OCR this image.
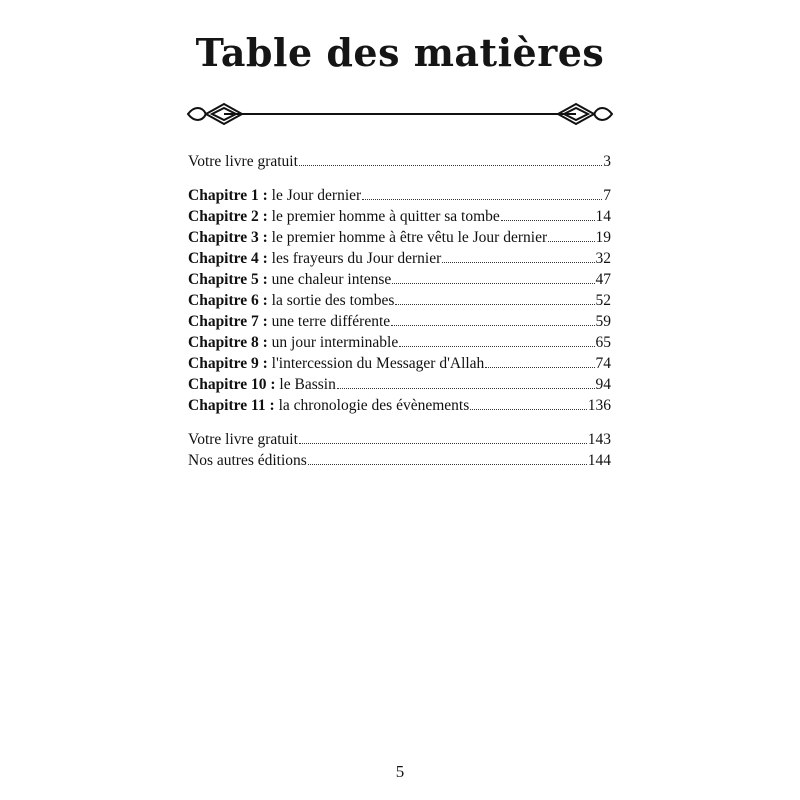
Table des matières
Votre livre gratuit	3
Chapitre 1 : le Jour dernier	7
Chapitre 2 : le premier homme à quitter sa tombe	14
Chapitre 3 : le premier homme à être vêtu le Jour dernier	19
Chapitre 4 : les frayeurs du Jour dernier	32
Chapitre 5 : une chaleur intense	47
Chapitre 6 : la sortie des tombes	52
Chapitre 7 : une terre différente	59
Chapitre 8 : un jour interminable	65
Chapitre 9 : l'intercession du Messager d'Allah	74
Chapitre 10 : le Bassin	94
Chapitre 11 : la chronologie des évènements	136
Votre livre gratuit	143
Nos autres éditions	144
5
